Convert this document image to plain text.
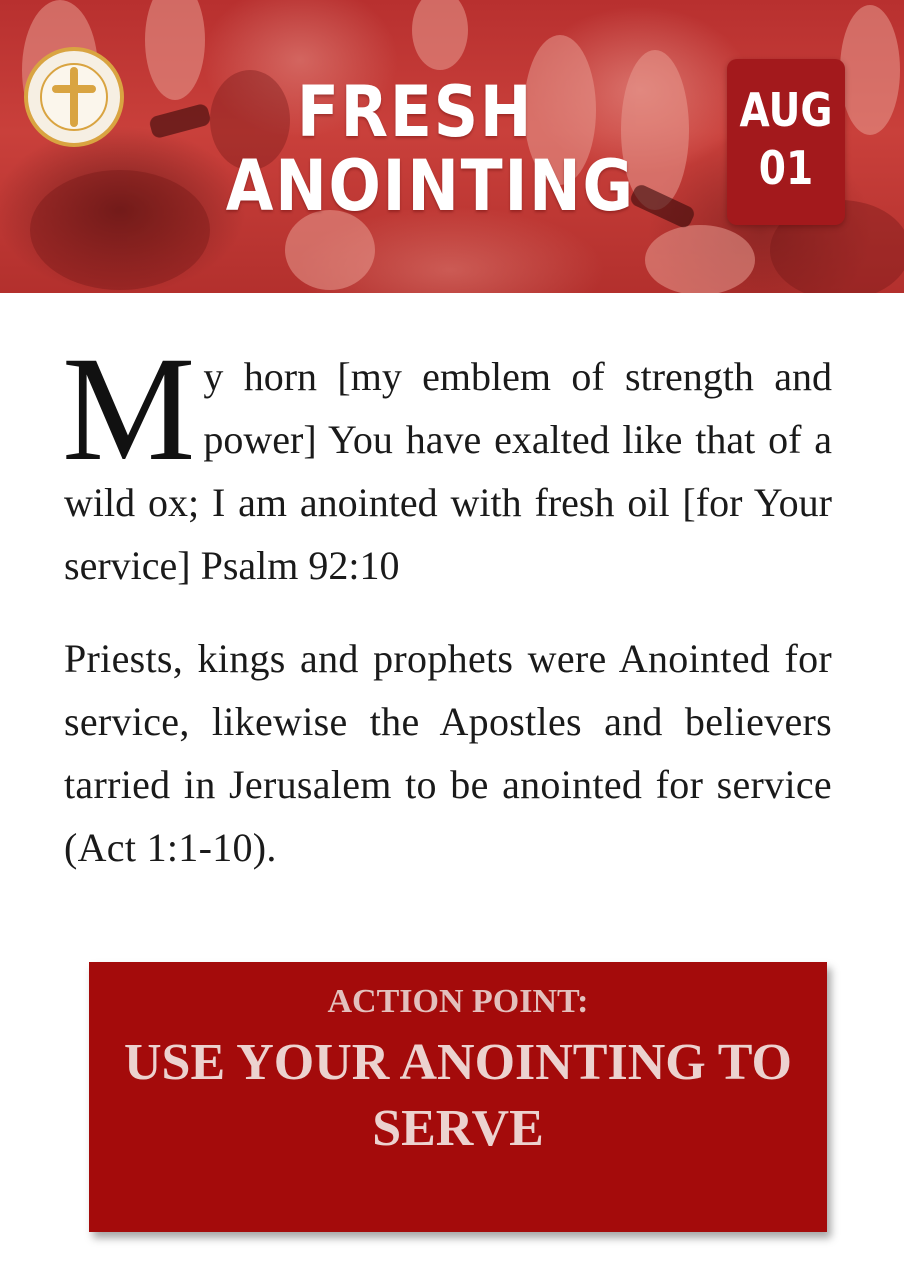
FRESH
ANOINTING
AUG
01

My horn [my emblem of strength and power] You have exalted like that of a wild ox; I am anointed with fresh oil [for Your service] Psalm 92:10

Priests, kings and prophets were Anointed for service, likewise the Apostles and believers tarried in Jerusalem to be anointed for service (Act 1:1-10).

ACTION POINT:
USE YOUR ANOINTING TO SERVE
